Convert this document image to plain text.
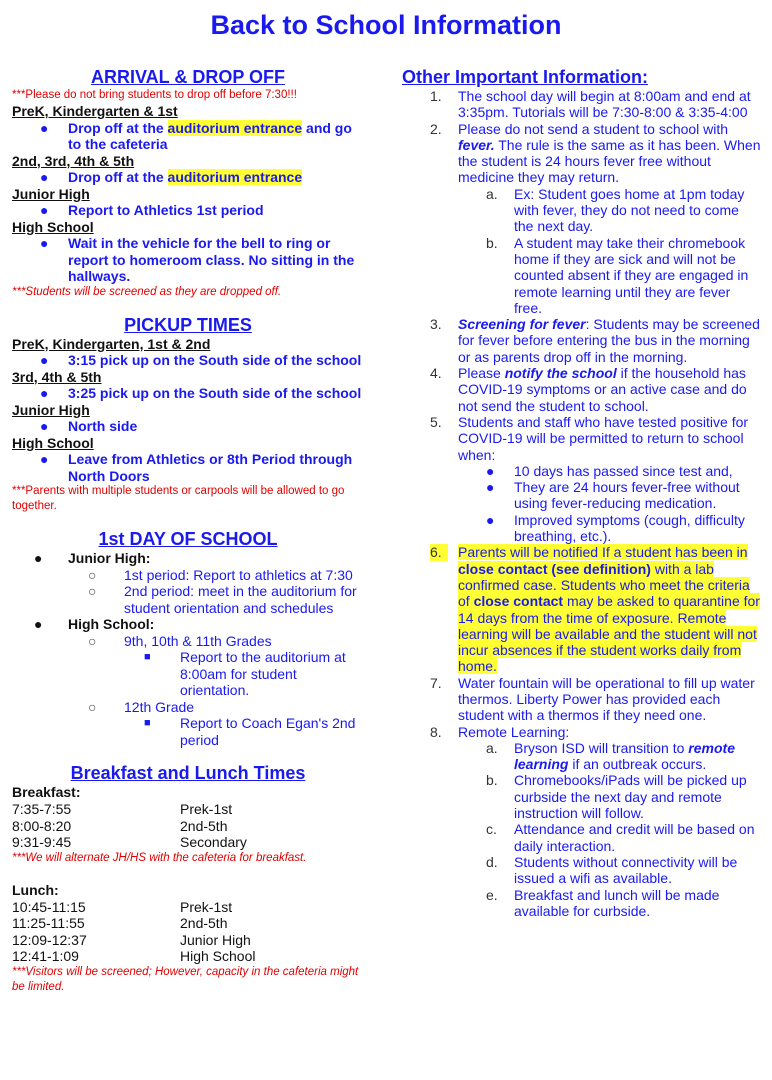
Back to School Information
ARRIVAL & DROP OFF
***Please do not bring students to drop off before 7:30!!!
PreK, Kindergarten & 1st
● Drop off at the auditorium entrance and go to the cafeteria
2nd, 3rd, 4th & 5th
● Drop off at the auditorium entrance
Junior High
● Report to Athletics 1st period
High School
● Wait in the vehicle for the bell to ring or report to homeroom class. No sitting in the hallways.
***Students will be screened as they are dropped off.
PICKUP TIMES
PreK, Kindergarten, 1st & 2nd
● 3:15 pick up on the South side of the school
3rd, 4th & 5th
● 3:25 pick up on the South side of the school
Junior High
● North side
High School
● Leave from Athletics or 8th Period through North Doors
***Parents with multiple students or carpools will be allowed to go together.
1st DAY OF SCHOOL
● Junior High:
○ 1st period: Report to athletics at 7:30
○ 2nd period: meet in the auditorium for student orientation and schedules
● High School:
○ 9th, 10th & 11th Grades
■ Report to the auditorium at 8:00am for student orientation.
○ 12th Grade
■ Report to Coach Egan's 2nd period
Breakfast and Lunch Times
Breakfast:
7:35-7:55	Prek-1st
8:00-8:20	2nd-5th
9:31-9:45	Secondary
***We will alternate JH/HS with the cafeteria for breakfast.
Lunch:
10:45-11:15	Prek-1st
11:25-11:55	2nd-5th
12:09-12:37	Junior High
12:41-1:09	High School
***Visitors will be screened; However, capacity in the cafeteria might be limited.
Other Important Information:
1. The school day will begin at 8:00am and end at 3:35pm. Tutorials will be 7:30-8:00 & 3:35-4:00
2. Please do not send a student to school with fever. The rule is the same as it has been. When the student is 24 hours fever free without medicine they may return.
a. Ex: Student goes home at 1pm today with fever, they do not need to come the next day.
b. A student may take their chromebook home if they are sick and will not be counted absent if they are engaged in remote learning until they are fever free.
3. Screening for fever: Students may be screened for fever before entering the bus in the morning or as parents drop off in the morning.
4. Please notify the school if the household has COVID-19 symptoms or an active case and do not send the student to school.
5. Students and staff who have tested positive for COVID-19 will be permitted to return to school when:
● 10 days has passed since test and,
● They are 24 hours fever-free without using fever-reducing medication.
● Improved symptoms (cough, difficulty breathing, etc.).
6.	Parents will be notified If a student has been in close contact (see definition) with a lab confirmed case. Students who meet the criteria of close contact may be asked to quarantine for 14 days from the time of exposure. Remote learning will be available and the student will not incur absences if the student works daily from home.
7. Water fountain will be operational to fill up water thermos. Liberty Power has provided each student with a thermos if they need one.
8. Remote Learning:
a. Bryson ISD will transition to remote learning if an outbreak occurs.
b. Chromebooks/iPads will be picked up curbside the next day and remote instruction will follow.
c. Attendance and credit will be based on daily interaction.
d. Students without connectivity will be issued a wifi as available.
e. Breakfast and lunch will be made available for curbside.
